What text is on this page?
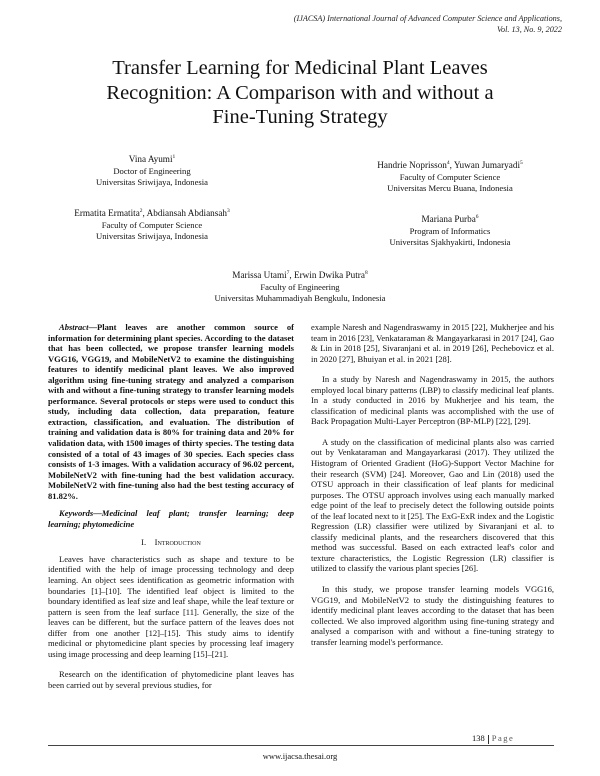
(IJACSA) International Journal of Advanced Computer Science and Applications,
Vol. 13, No. 9, 2022
Transfer Learning for Medicinal Plant Leaves
Recognition: A Comparison with and without a
Fine-Tuning Strategy
Vina Ayumi$^1$
Doctor of Engineering
Universitas Sriwijaya, Indonesia
Ermatita Ermatita$^2$, Abdiansah Abdiansah$^3$
Faculty of Computer Science
Universitas Sriwijaya, Indonesia
Handrie Noprisson$^4$, Yuwan Jumaryadi$^5$
Faculty of Computer Science
Universitas Mercu Buana, Indonesia
Mariana Purba$^6$
Program of Informatics
Universitas Sjakhyakirti, Indonesia
Marissa Utami$^7$, Erwin Dwika Putra$^8$
Faculty of Engineering
Universitas Muhammadiyah Bengkulu, Indonesia

Abstract—Plant leaves are another common source of information for determining plant species. According to the dataset that has been collected, we propose transfer learning models VGG16, VGG19, and MobileNetV2 to examine the distinguishing features to identify medicinal plant leaves. We also improved algorithm using fine-tuning strategy and analyzed a comparison with and without a fine-tuning strategy to transfer learning models performance. Several protocols or steps were used to conduct this study, including data collection, data preparation, feature extraction, classification, and evaluation. The distribution of training and validation data is 80% for training data and 20% for validation data, with 1500 images of thirty species. The testing data consisted of a total of 43 images of 30 species. Each species class consists of 1-3 images. With a validation accuracy of 96.02 percent, MobileNetV2 with fine-tuning had the best validation accuracy. MobileNetV2 with fine-tuning also had the best testing accuracy of 81.82%.

Keywords—Medicinal leaf plant; transfer learning; deep learning; phytomedicine

I. Introduction

Leaves have characteristics such as shape and texture to be identified with the help of image processing technology and deep learning. An object sees identification as geometric information with boundaries [1]–[10]. The identified leaf object is limited to the boundary identified as leaf size and leaf shape, while the leaf texture or pattern is seen from the leaf surface [11]. Generally, the size of the leaves can be different, but the surface pattern of the leaves does not differ from one another [12]–[15]. This study aims to identify medicinal or phytomedicine plant species by processing leaf imagery using image processing and deep learning [15]–[21].

Research on the identification of phytomedicine plant leaves has been carried out by several previous studies, for

example Naresh and Nagendraswamy in 2015 [22], Mukherjee and his team in 2016 [23], Venkataraman & Mangayarkarasi in 2017 [24], Gao & Lin in 2018 [25], Sivaranjani et al. in 2019 [26], Pechebovicz et al. in 2020 [27], Bhuiyan et al. in 2021 [28].

In a study by Naresh and Nagendraswamy in 2015, the authors employed local binary patterns (LBP) to classify medicinal leaf plants. In a study conducted in 2016 by Mukherjee and his team, the classification of medicinal plants was accomplished with the use of Back Propagation Multi-Layer Perceptron (BP-MLP) [22], [29].

A study on the classification of medicinal plants also was carried out by Venkataraman and Mangayarkarasi (2017). They utilized the Histogram of Oriented Gradient (HoG)-Support Vector Machine for their research (SVM) [24]. Moreover, Gao and Lin (2018) used the OTSU approach in their classification of leaf plants for medicinal purposes. The OTSU approach involves using each manually marked edge point of the leaf to precisely detect the following outside points of the leaf located next to it [25]. The ExG-ExR index and the Logistic Regression (LR) classifier were utilized by Sivaranjani et al. to classify medicinal plants, and the researchers discovered that this method was successful. Based on each extracted leaf's color and texture characteristics, the Logistic Regression (LR) classifier is utilized to classify the various plant species [26].

In this study, we propose transfer learning models VGG16, VGG19, and MobileNetV2 to study the distinguishing features to identify medicinal plant leaves according to the dataset that has been collected. We also improved algorithm using fine-tuning strategy and analysed a comparison with and without a fine-tuning strategy to transfer learning model's performance.

138 Page
www.ijacsa.thesai.org
